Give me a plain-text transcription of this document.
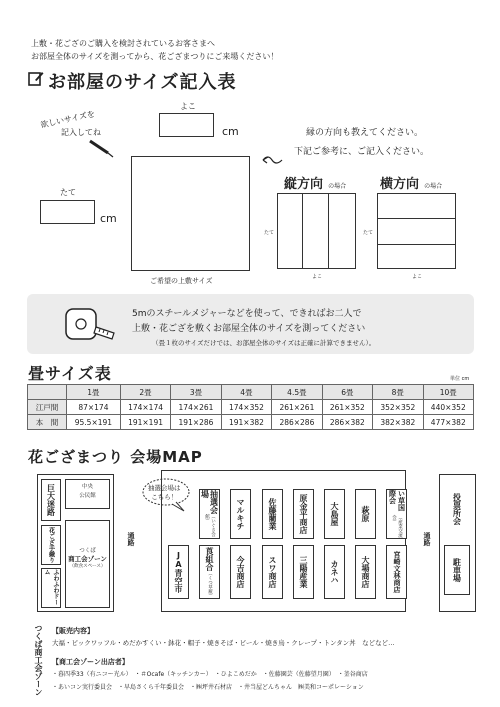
上敷・花ござのご購入を検討されているお客さまへ
お部屋全体のサイズを測ってから、花ござまつりにご来場ください！
お部屋のサイズ記入表
欲しいサイズを
記入してね
よこ
cm
たて
cm
ご希望の上敷サイズ
縁の方向も教えてください。
下記ご参考に、ご記入ください。
縦方向 の場合
たて
よこ
横方向 の場合
たて
よこ
5mのスチールメジャーなどを使って、できればお二人で
上敷・花ござを敷くお部屋全体のサイズを測ってください
（畳１枚のサイズだけでは、お部屋全体のサイズは正確に計算できません）。
畳サイズ表	単位 cm
	1畳	2畳	3畳	4畳	4.5畳	6畳	8畳	10畳
江戸間	87×174	174×174	174×261	174×352	261×261	261×352	352×352	440×352
本　間	95.5×191	191×191	191×286	191×382	286×286	286×382	382×382	477×382
花ござまつり 会場MAP
巨大迷路	中央
公民館
花ござ手織り
ふわふわドーム
つくば
商工会ゾーン
（飲食スペース）
通路
抽選会場は
こちら！	抽選会場
（いぐさ会館）	マルキチ	佐藤藺業	原金平商店	大島屋	萩原
い草国際会
（産業交流会）
JA青空市	莨組合
（くつ草履）	今吉商店	スワ商店	三陽産業	カネハ	大場商店	宮崎文林商店
通路
投票所会
駐車場
つくば商工会ゾーン 【販売内容】
大福・ピックワッフル・めだかすくい・鉢花・帽子・焼きそば・ビール・焼き鳥・クレープ・トンタン丼　などなど…
【商工会ゾーン出店者】
・暮四季33（有ニコー光ル）　・＃Ocafe（キッチンカー）　・ひよこめだか　・佐藤園芸（佐藤望月園）　・釜谷商店
・あいコン実行委員会　・早島さくら千年委員会　・㈱坪井石材店　・井当屋どんちゃん　㈱美和コーポレーション
